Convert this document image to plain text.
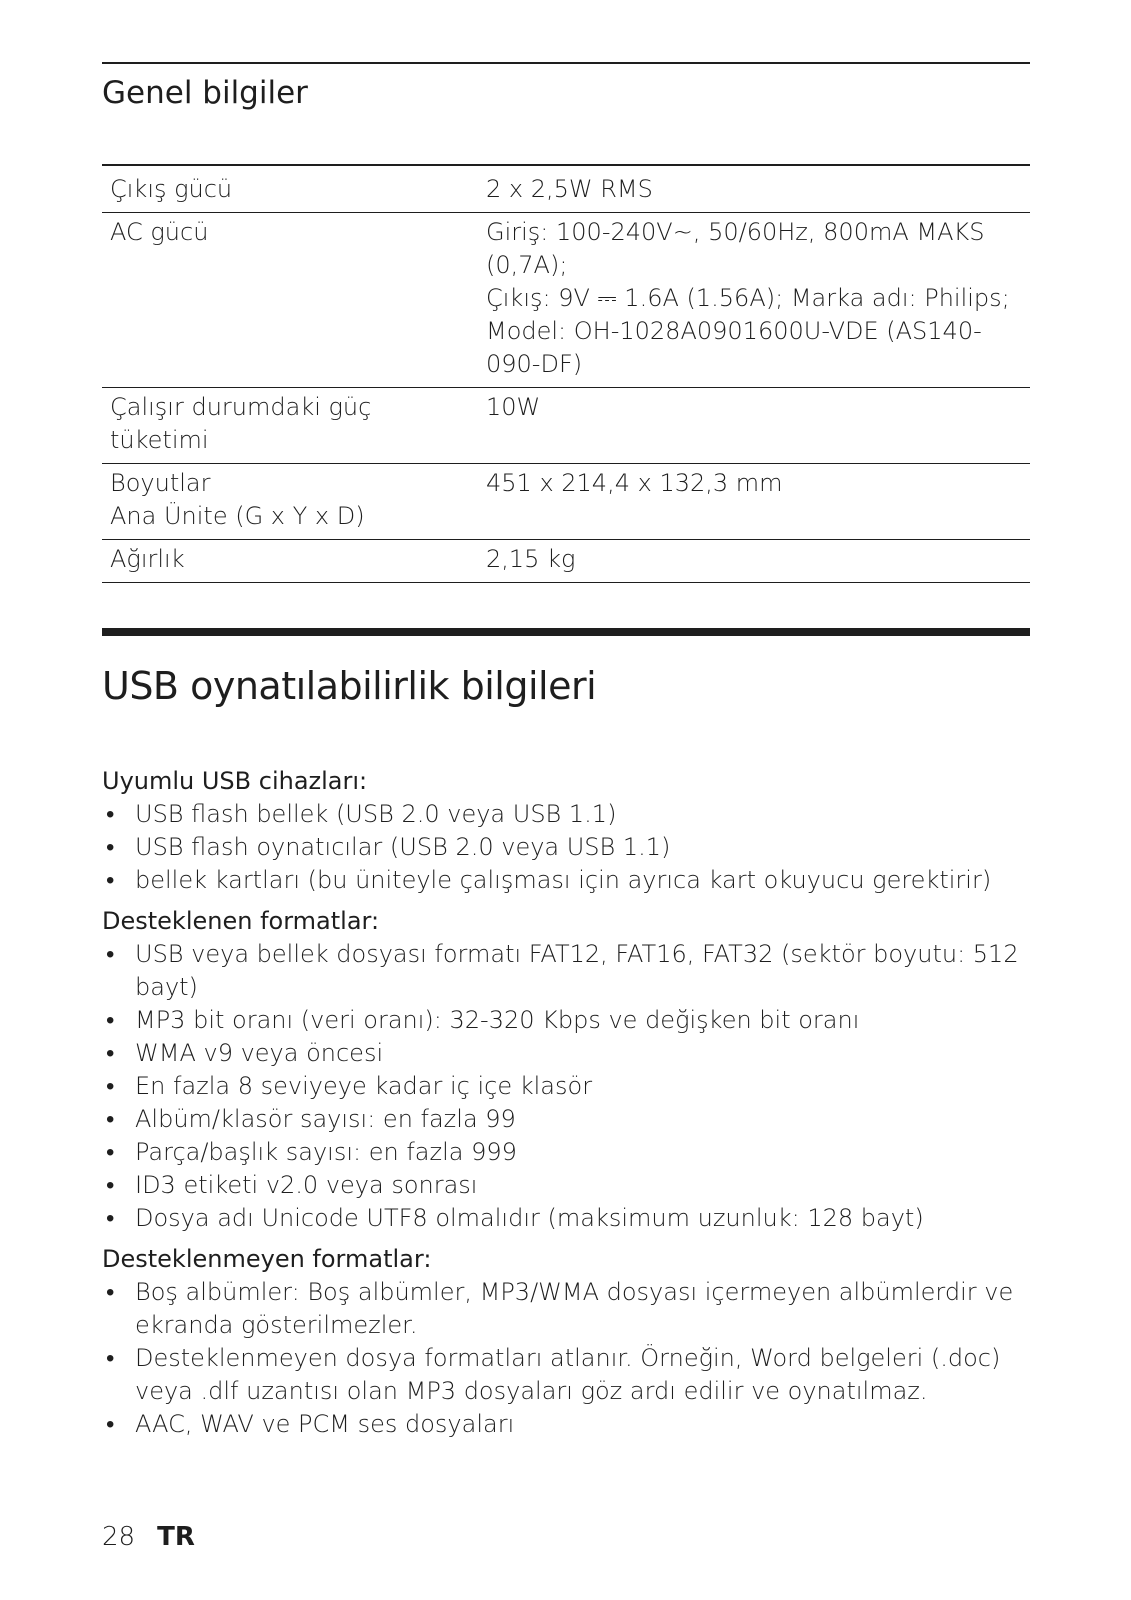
Genel bilgiler
Çıkış gücü	2 x 2,5W RMS

AC gücü	Giriş: 100-240V~, 50/60Hz, 800mA MAKS
(0,7A);
Çıkış: 9V ⎓ 1.6A (1.56A); Marka adı: Philips;
Model: OH-1028A0901600U-VDE (AS140-
090-DF)

Çalışır durumdaki güç tüketimi	10W

Boyutlar
Ana Ünite (G x Y x D)	451 x 214,4 x 132,3 mm

Ağırlık	2,15 kg
USB oynatılabilirlik bilgileri
Uyumlu USB cihazları:
• USB flash bellek (USB 2.0 veya USB 1.1)
• USB flash oynatıcılar (USB 2.0 veya USB 1.1)
• bellek kartları (bu üniteyle çalışması için ayrıca kart okuyucu gerektirir)
Desteklenen formatlar:
• USB veya bellek dosyası formatı FAT12, FAT16, FAT32 (sektör boyutu: 512 bayt)
• MP3 bit oranı (veri oranı): 32-320 Kbps ve değişken bit oranı
• WMA v9 veya öncesi
• En fazla 8 seviyeye kadar iç içe klasör
• Albüm/klasör sayısı: en fazla 99
• Parça/başlık sayısı: en fazla 999
• ID3 etiketi v2.0 veya sonrası
• Dosya adı Unicode UTF8 olmalıdır (maksimum uzunluk: 128 bayt)
Desteklenmeyen formatlar:
• Boş albümler: Boş albümler, MP3/WMA dosyası içermeyen albümlerdir ve ekranda gösterilmezler.
• Desteklenmeyen dosya formatları atlanır. Örneğin, Word belgeleri (.doc) veya .dlf uzantısı olan MP3 dosyaları göz ardı edilir ve oynatılmaz.
• AAC, WAV ve PCM ses dosyaları
28 TR
